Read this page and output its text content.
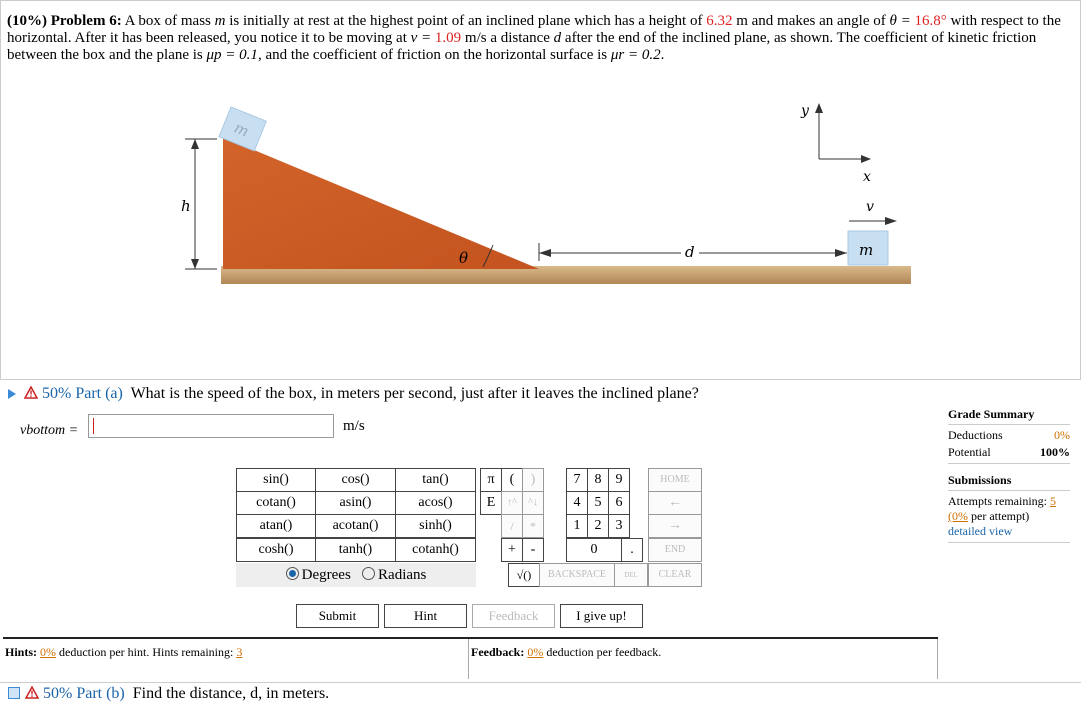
(10%) Problem 6: A box of mass m is initially at rest at the highest point of an inclined plane which has a height of 6.32 m and makes an angle of θ = 16.8° with respect to the horizontal. After it has been released, you notice it to be moving at v = 1.09 m/s a distance d after the end of the inclined plane, as shown. The coefficient of kinetic friction between the box and the plane is μp = 0.1, and the coefficient of friction on the horizontal surface is μr = 0.2.
m
h
θ	d	m
v
x
y
50% Part (a) What is the speed of the box, in meters per second, just after it leaves the inclined plane?
vbottom =	m/s
sin()	cos()	tan()
cotan()	asin()	acos()
atan()	acotan()	sinh()
cosh()	tanh()	cotanh()
Degrees Radians
π	(	)	7	8	9	HOME
E	↑^	^↓	4	5	6	←
/	*	1	2	3	→
+	-	0	.	END
√()	BACKSPACE	DEL	CLEAR
Submit	Hint	Feedback	I give up!
Hints: 0% deduction per hint. Hints remaining: 3	Feedback: 0% deduction per feedback.
Grade Summary
Deductions	0%
Potential	100%
Submissions
Attempts remaining: 5
(0% per attempt)
detailed view
50% Part (b) Find the distance, d, in meters.
